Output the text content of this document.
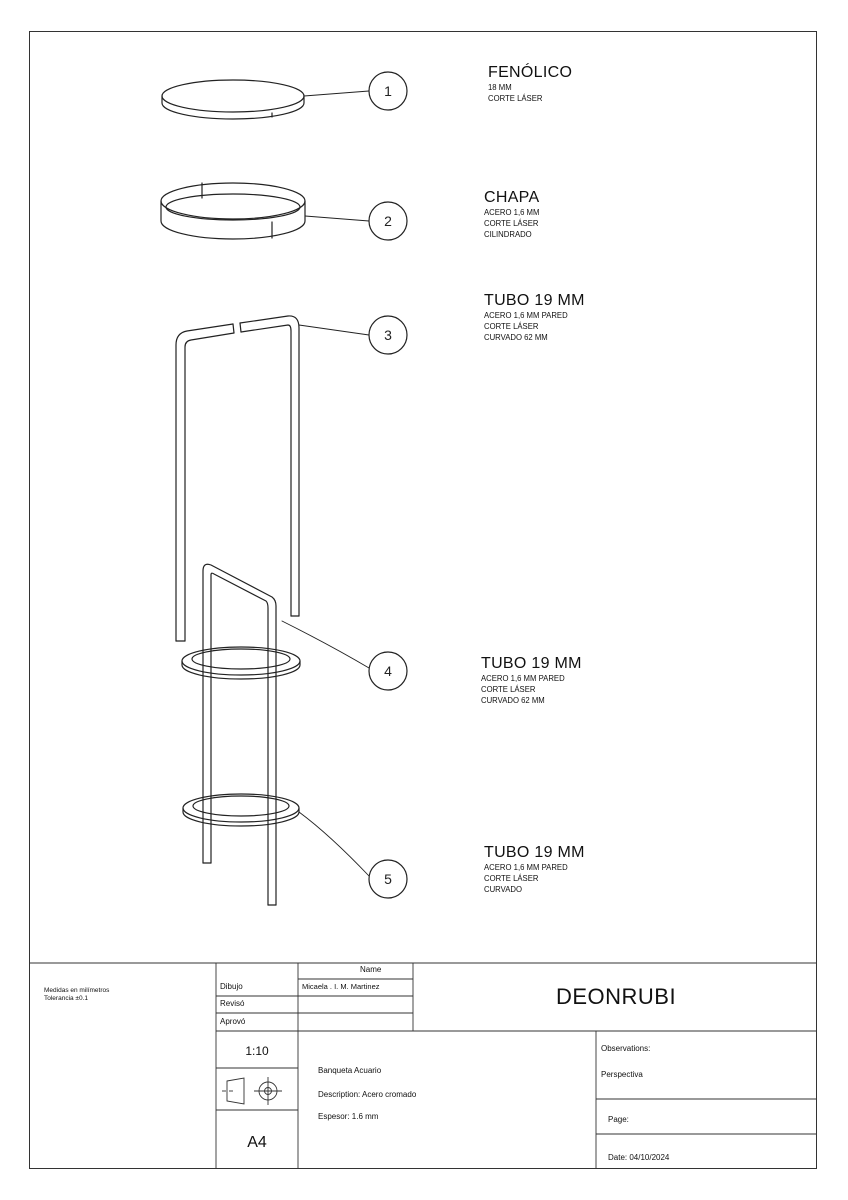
1
2
3
4
5
FENÓLICO
18 MM
CORTE LÁSER
CHAPA
ACERO 1,6 MM
CORTE LÁSER
CILINDRADO
TUBO 19 MM
ACERO 1,6 MM PARED
CORTE LÁSER
CURVADO 62 MM
TUBO 19 MM
ACERO 1,6 MM PARED
CORTE LÁSER
CURVADO 62 MM
TUBO 19 MM
ACERO 1,6 MM PARED
CORTE LÁSER
CURVADO
Medidas en milímetros
Tolerancia ±0.1
Name
Dibujo	Micaela . I. M. Martinez
Revisó
Aprovó
DEONRUBI
1:10
A4
Banqueta Acuario
Description: Acero cromado
Espesor: 1.6 mm
Observations:
Perspectiva
Page:
Date: 04/10/2024
